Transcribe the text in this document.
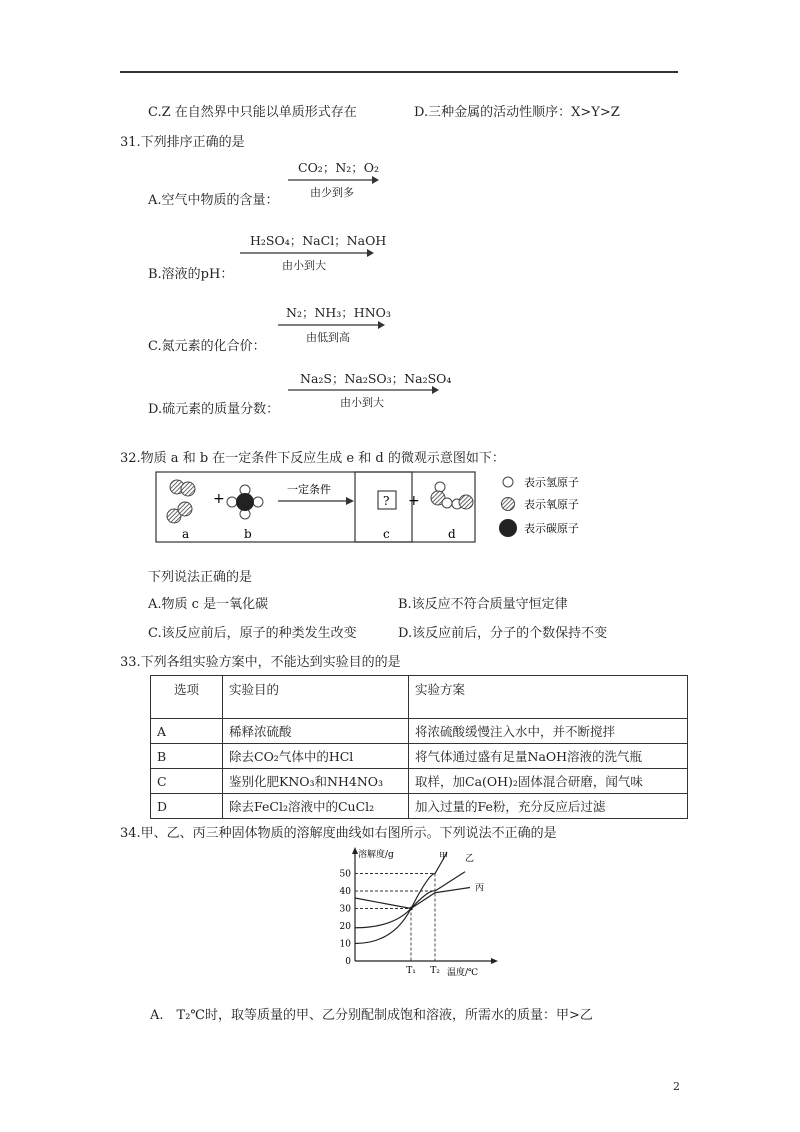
C.Z 在自然界中只能以单质形式存在	D.三种金属的活动性顺序：X>Y>Z
31.下列排序正确的是
A.空气中物质的含量：
CO₂；N₂；O₂
由少到多
B.溶液的pH：
H₂SO₄；NaCl；NaOH
由小到大
C.氮元素的化合价：
N₂；NH₃；HNO₃
由低到高
D.硫元素的质量分数：
Na₂S；Na₂SO₃；Na₂SO₄
由小到大
32.物质 a 和 b 在一定条件下反应生成 e 和 d 的微观示意图如下：
+
a	b
一定条件
? +
c	d
表示氢原子
表示氧原子
表示碳原子
下列说法正确的是
A.物质 c 是一氧化碳	B.该反应不符合质量守恒定律
C.该反应前后，原子的种类发生改变	D.该反应前后，分子的个数保持不变
33.下列各组实验方案中，不能达到实验目的的是
选项	实验目的	实验方案
A	稀释浓硫酸	将浓硫酸缓慢注入水中，并不断搅拌
B	除去CO₂气体中的HCl	将气体通过盛有足量NaOH溶液的洗气瓶
C	鉴别化肥KNO₃和NH4NO₃	取样，加Ca(OH)₂固体混合研磨，闻气味
D	除去FeCl₂溶液中的CuCl₂	加入过量的Fe粉，充分反应后过滤
34.甲、乙、丙三种固体物质的溶解度曲线如右图所示。下列说法不正确的是
溶解度/g
0
10
20
30
40
50
T₁ T₂ 温度/℃
甲 乙
丙
A.　T₂℃时，取等质量的甲、乙分别配制成饱和溶液，所需水的质量：甲>乙
2
